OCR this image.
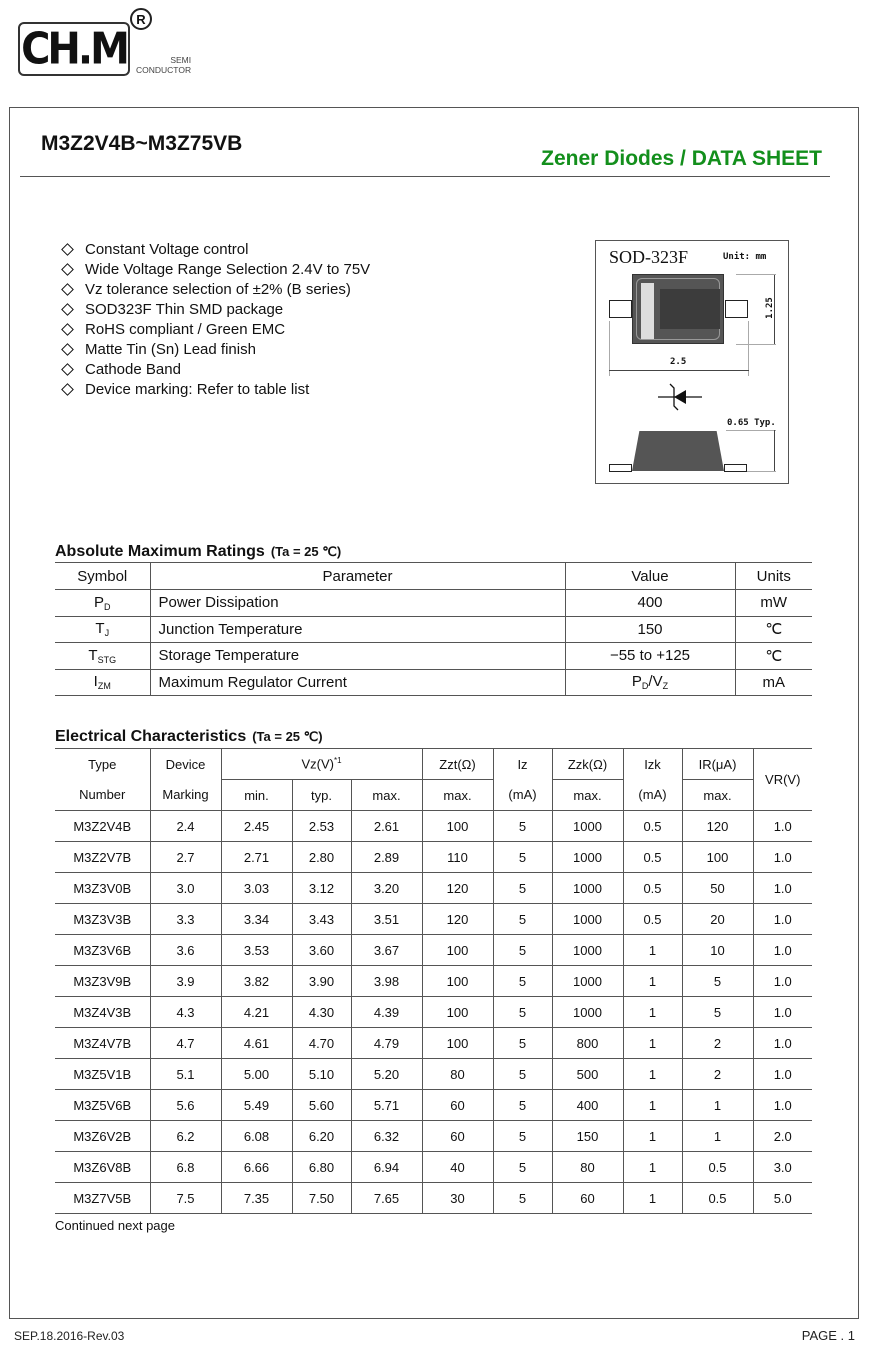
CH.M
R
SEMI
CONDUCTOR
M3Z2V4B~M3Z75VB
Zener Diodes / DATA SHEET
Constant Voltage control
Wide Voltage Range Selection 2.4V to 75V
Vz tolerance selection of ±2% (B series)
SOD323F Thin SMD package
RoHS compliant / Green EMC
Matte Tin (Sn) Lead finish
Cathode Band
Device marking: Refer to table list
SOD-323F	Unit: mm
1.25
2.5
0.65 Typ.
Absolute Maximum Ratings (Ta = 25 ℃)
Symbol	Parameter	Value	Units
$P_D$	Power Dissipation	400	mW
$T_J$	Junction Temperature	150	℃
$T_{STG}$	Storage Temperature	−55 to +125	℃
$I_{ZM}$	Maximum Regulator Current	$P_D/V_Z$	mA
Electrical Characteristics (Ta = 25 ℃)
Type	Device	$Vz(V)^{*1}$			Zzt(Ω)	Iz	Zzk(Ω)	Izk	IR(μA)	VR(V)
Number	Marking	min.	typ.	max.	max.	(mA)	max.	(mA)	max.	
M3Z2V4B	2.4	2.45	2.53	2.61	100	5	1000	0.5	120	1.0
M3Z2V7B	2.7	2.71	2.80	2.89	110	5	1000	0.5	100	1.0
M3Z3V0B	3.0	3.03	3.12	3.20	120	5	1000	0.5	50	1.0
M3Z3V3B	3.3	3.34	3.43	3.51	120	5	1000	0.5	20	1.0
M3Z3V6B	3.6	3.53	3.60	3.67	100	5	1000	1	10	1.0
M3Z3V9B	3.9	3.82	3.90	3.98	100	5	1000	1	5	1.0
M3Z4V3B	4.3	4.21	4.30	4.39	100	5	1000	1	5	1.0
M3Z4V7B	4.7	4.61	4.70	4.79	100	5	800	1	2	1.0
M3Z5V1B	5.1	5.00	5.10	5.20	80	5	500	1	2	1.0
M3Z5V6B	5.6	5.49	5.60	5.71	60	5	400	1	1	1.0
M3Z6V2B	6.2	6.08	6.20	6.32	60	5	150	1	1	2.0
M3Z6V8B	6.8	6.66	6.80	6.94	40	5	80	1	0.5	3.0
M3Z7V5B	7.5	7.35	7.50	7.65	30	5	60	1	0.5	5.0
Continued next page
SEP.18.2016-Rev.03	PAGE . 1
